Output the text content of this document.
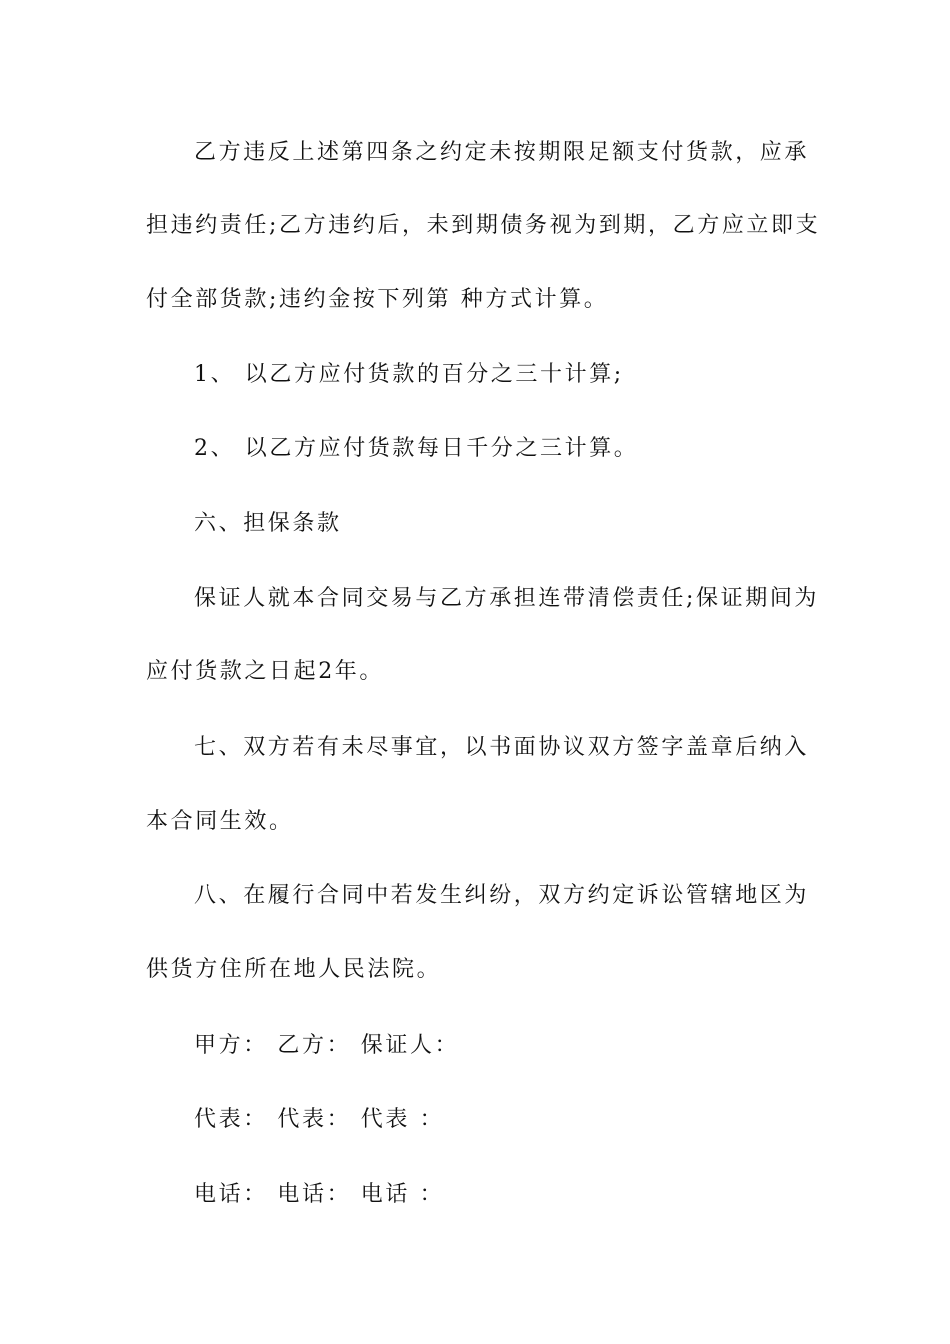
乙方违反上述第四条之约定未按期限足额支付货款，应承
担违约责任;乙方违约后，未到期债务视为到期，乙方应立即支
付全部货款;违约金按下列第 种方式计算。
1、 以乙方应付货款的百分之三十计算;
2、 以乙方应付货款每日千分之三计算。
六、担保条款
保证人就本合同交易与乙方承担连带清偿责任;保证期间为
应付货款之日起2年。
七、双方若有未尽事宜，以书面协议双方签字盖章后纳入
本合同生效。
八、在履行合同中若发生纠纷，双方约定诉讼管辖地区为
供货方住所在地人民法院。
甲方： 乙方： 保证人：
代表： 代表： 代表 ：
电话： 电话： 电话 ：
